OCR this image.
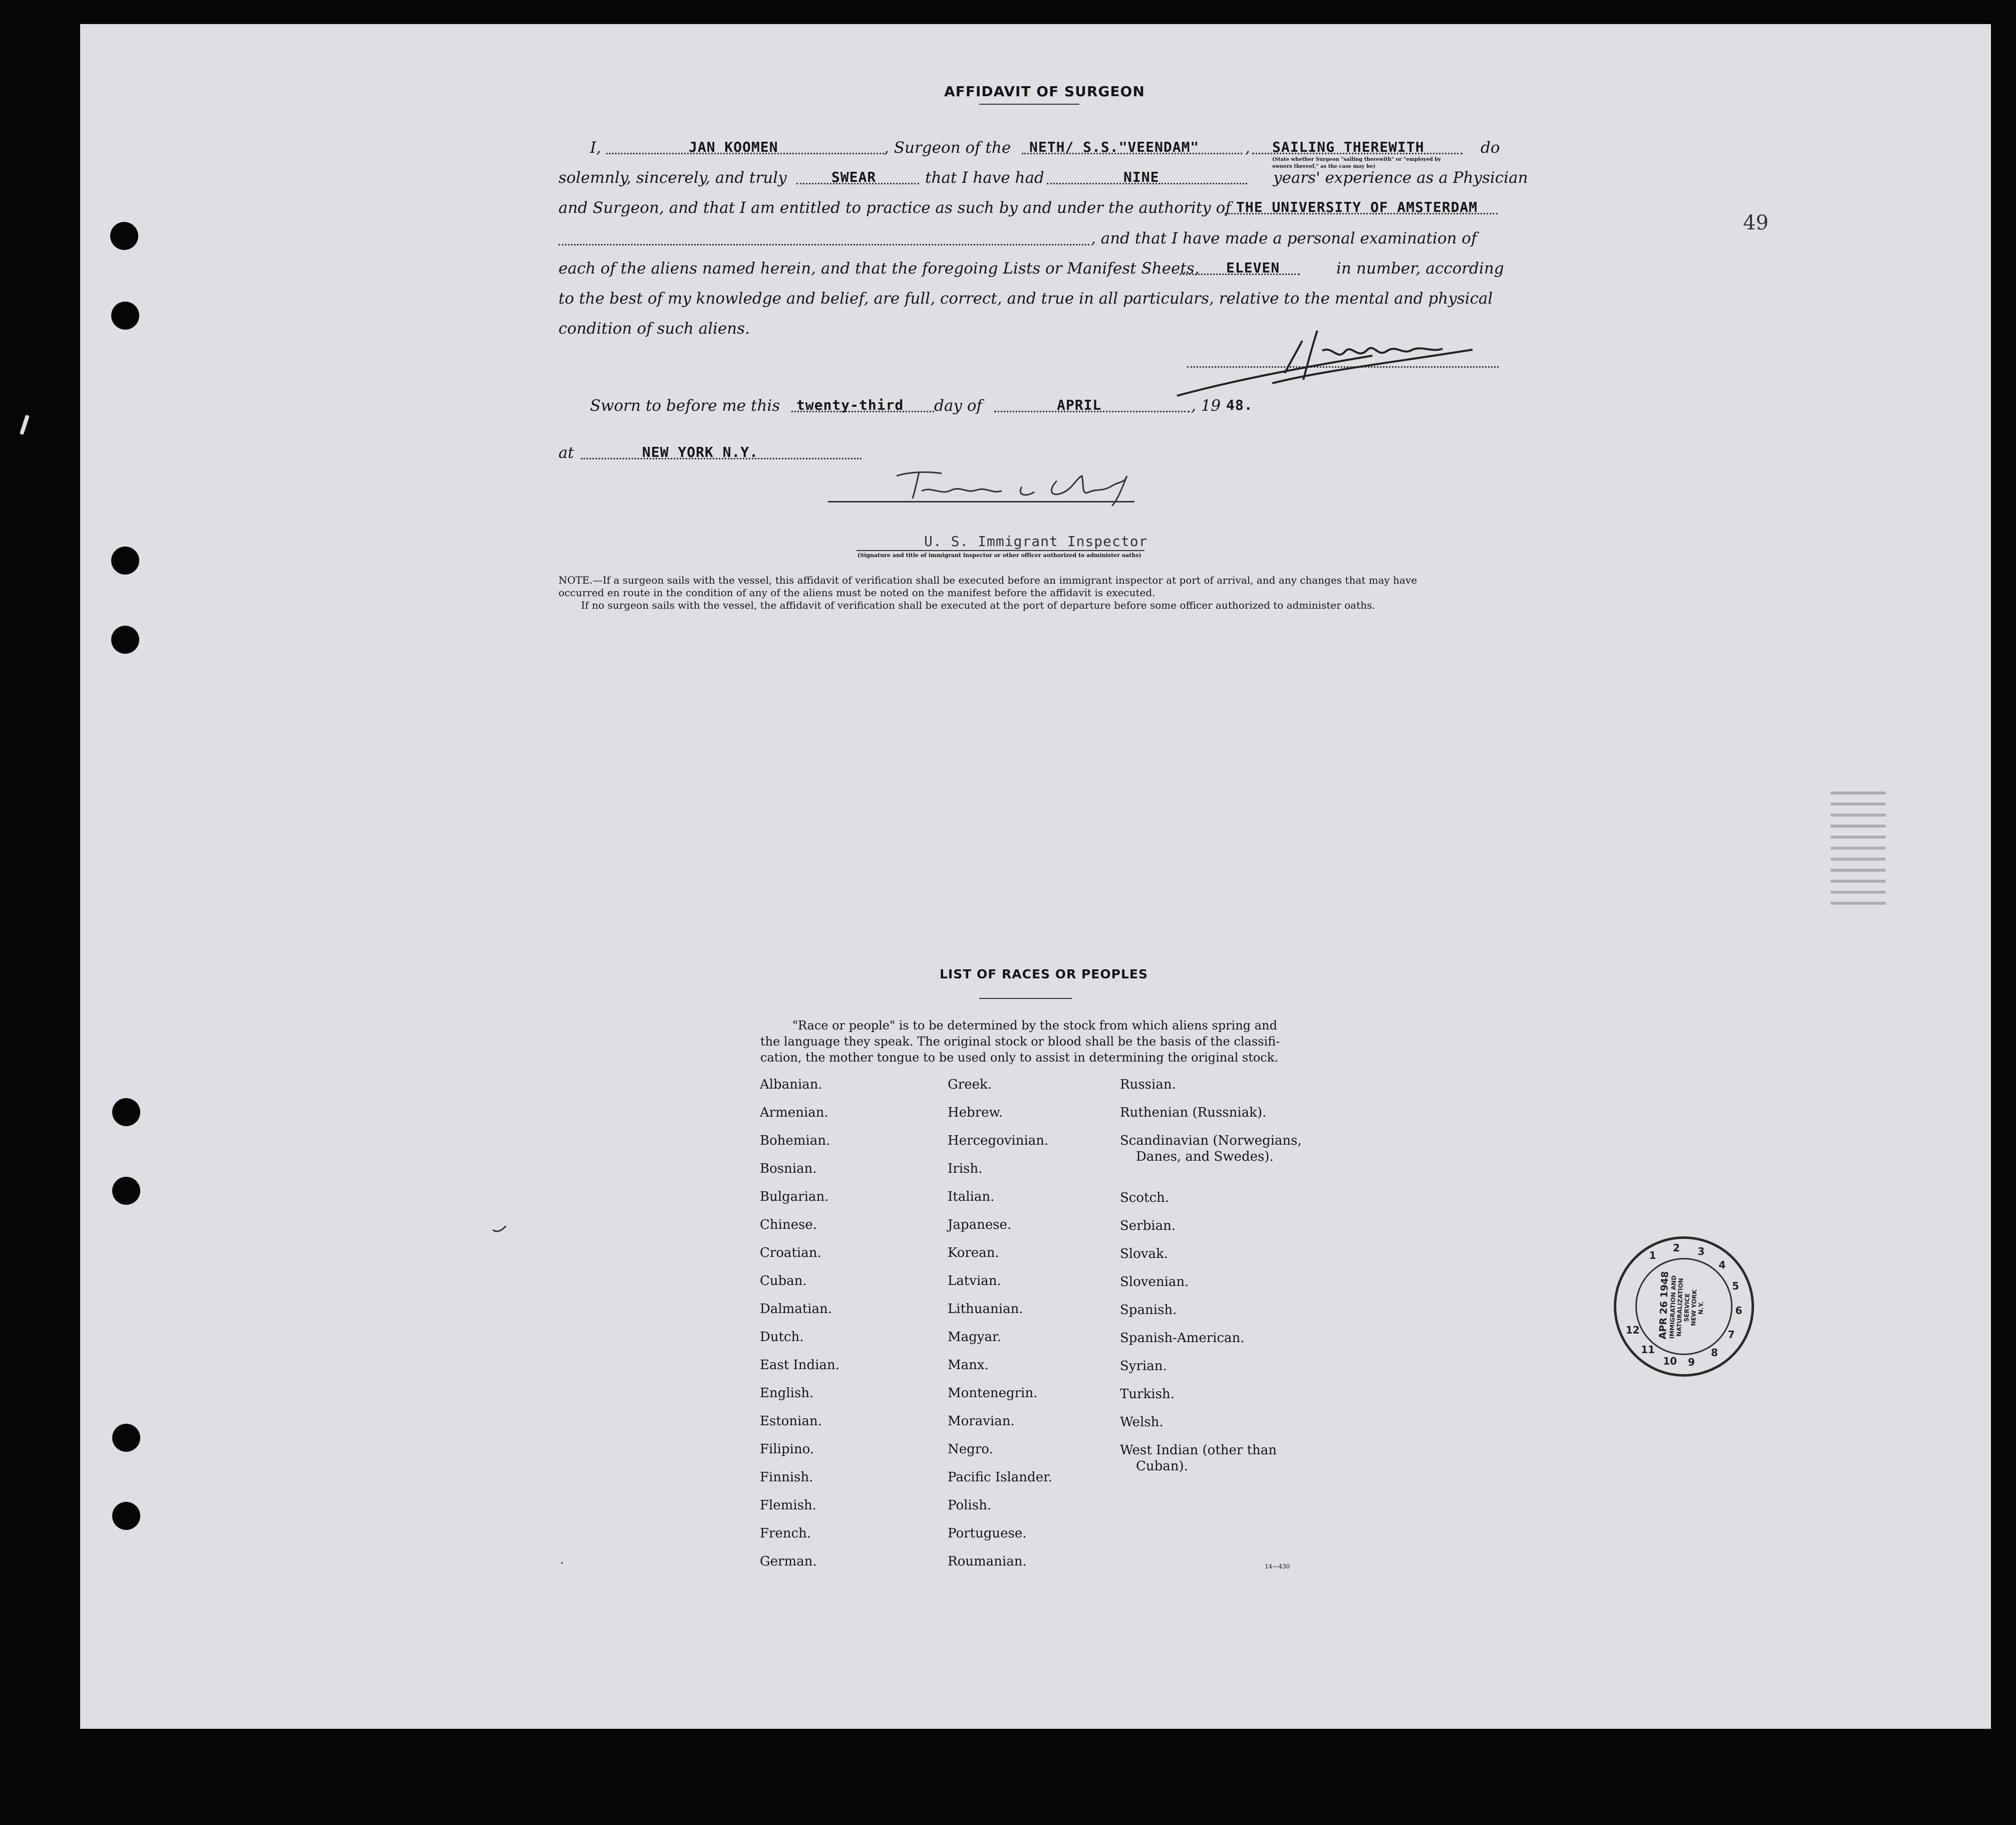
AFFIDAVIT OF SURGEON
I,	JAN KOOMEN	, Surgeon of the NETH/ S.S."VEENDAM"	, SAILING THEREWITH	do
(State whether Surgeon "sailing therewith" or "employed by owners thereof," as the case may be)
solemnly, sincerely, and truly	SWEAR	that I have had	NINE	years' experience as a Physician
and Surgeon, and that I am entitled to practice as such by and under the authority of THE UNIVERSITY OF AMSTERDAM
, and that I have made a personal examination of
each of the aliens named herein, and that the foregoing Lists or Manifest Sheets, ELEVEN	in number, according
to the best of my knowledge and belief, are full, correct, and true in all particulars, relative to the mental and physical
condition of such aliens.
Sworn to before me this twenty-third day of	APRIL	, 19 48.
at	NEW YORK N.Y.
U. S. Immigrant Inspector
(Signature and title of immigrant inspector or other officer authorized to administer oaths)
NOTE.—If a surgeon sails with the vessel, this affidavit of verification shall be executed before an immigrant inspector at port of arrival, and any changes that may have
occurred en route in the condition of any of the aliens must be noted on the manifest before the affidavit is executed.
If no surgeon sails with the vessel, the affidavit of verification shall be executed at the port of departure before some officer authorized to administer oaths.
49
LIST OF RACES OR PEOPLES
"Race or people" is to be determined by the stock from which aliens spring and
the language they speak. The original stock or blood shall be the basis of the classifi-
cation, the mother tongue to be used only to assist in determining the original stock.
Albanian.
Armenian.
Bohemian.
Bosnian.
Bulgarian.
Chinese.
Croatian.
Cuban.
Dalmatian.
Dutch.
East Indian.
English.
Estonian.
Filipino.
Finnish.
Flemish.
French.
German.
Greek.
Hebrew.
Hercegovinian.
Irish.
Italian.
Japanese.
Korean.
Latvian.
Lithuanian.
Magyar.
Manx.
Montenegrin.
Moravian.
Negro.
Pacific Islander.
Polish.
Portuguese.
Roumanian.
Russian.
Ruthenian (Russniak).
Scandinavian (Norwegians,
Danes, and Swedes).
Scotch.
Serbian.
Slovak.
Slovenian.
Spanish.
Spanish-American.
Syrian.
Turkish.
Welsh.
West Indian (other than
Cuban).
14—430
1
2 3
4
5
6
7
8
9
10
11
12 APR 26 1948
IMMIGRATION AND
NATURALIZATION
SERVICE
NEW YORK
N.Y.
